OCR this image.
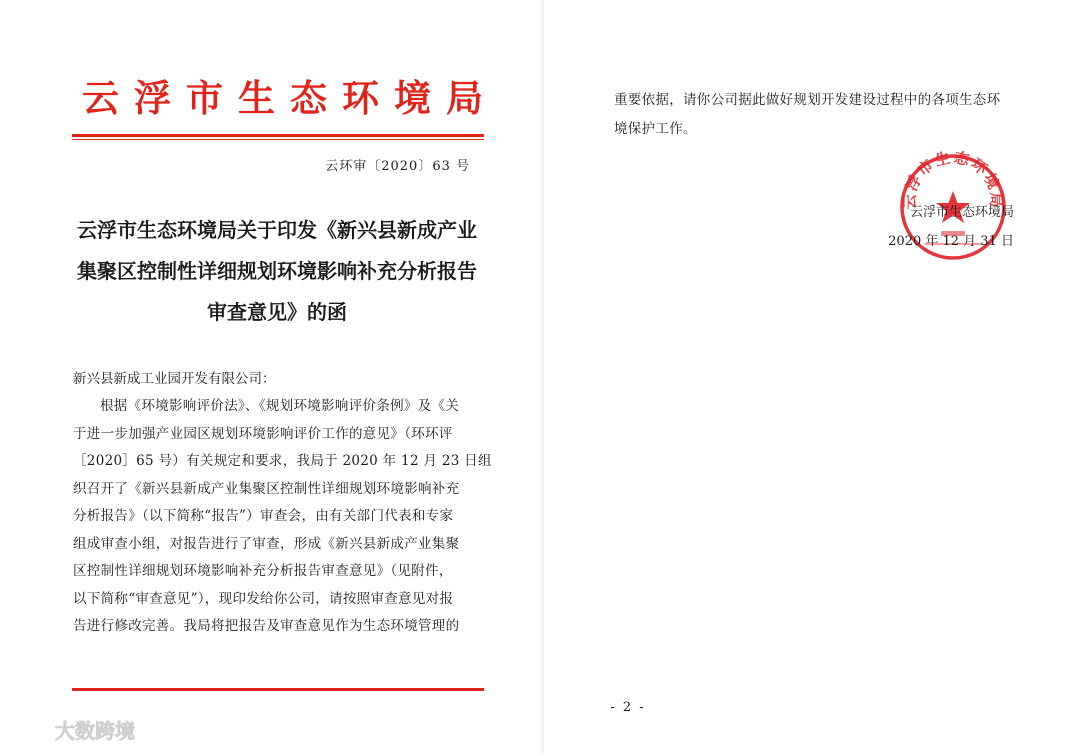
云浮市生态环境局
云环审〔2020〕63 号
云浮市生态环境局关于印发《新兴县新成产业
集聚区控制性详细规划环境影响补充分析报告
审查意见》的函
新兴县新成工业园开发有限公司：
根据《环境影响评价法》、《规划环境影响评价条例》及《关
于进一步加强产业园区规划环境影响评价工作的意见》（环环评
［2020］65 号）有关规定和要求，我局于 2020 年 12 月 23 日组
织召开了《新兴县新成产业集聚区控制性详细规划环境影响补充
分析报告》（以下简称“报告”）审查会，由有关部门代表和专家
组成审查小组，对报告进行了审查，形成《新兴县新成产业集聚
区控制性详细规划环境影响补充分析报告审查意见》（见附件，
以下简称“审查意见”），现印发给你公司，请按照审查意见对报
告进行修改完善。我局将把报告及审查意见作为生态环境管理的
重要依据，请你公司据此做好规划开发建设过程中的各项生态环
境保护工作。
云浮市生态环境局
云浮市生态环境局
2020 年 12 月 31 日
- 2 -
大数跨境
